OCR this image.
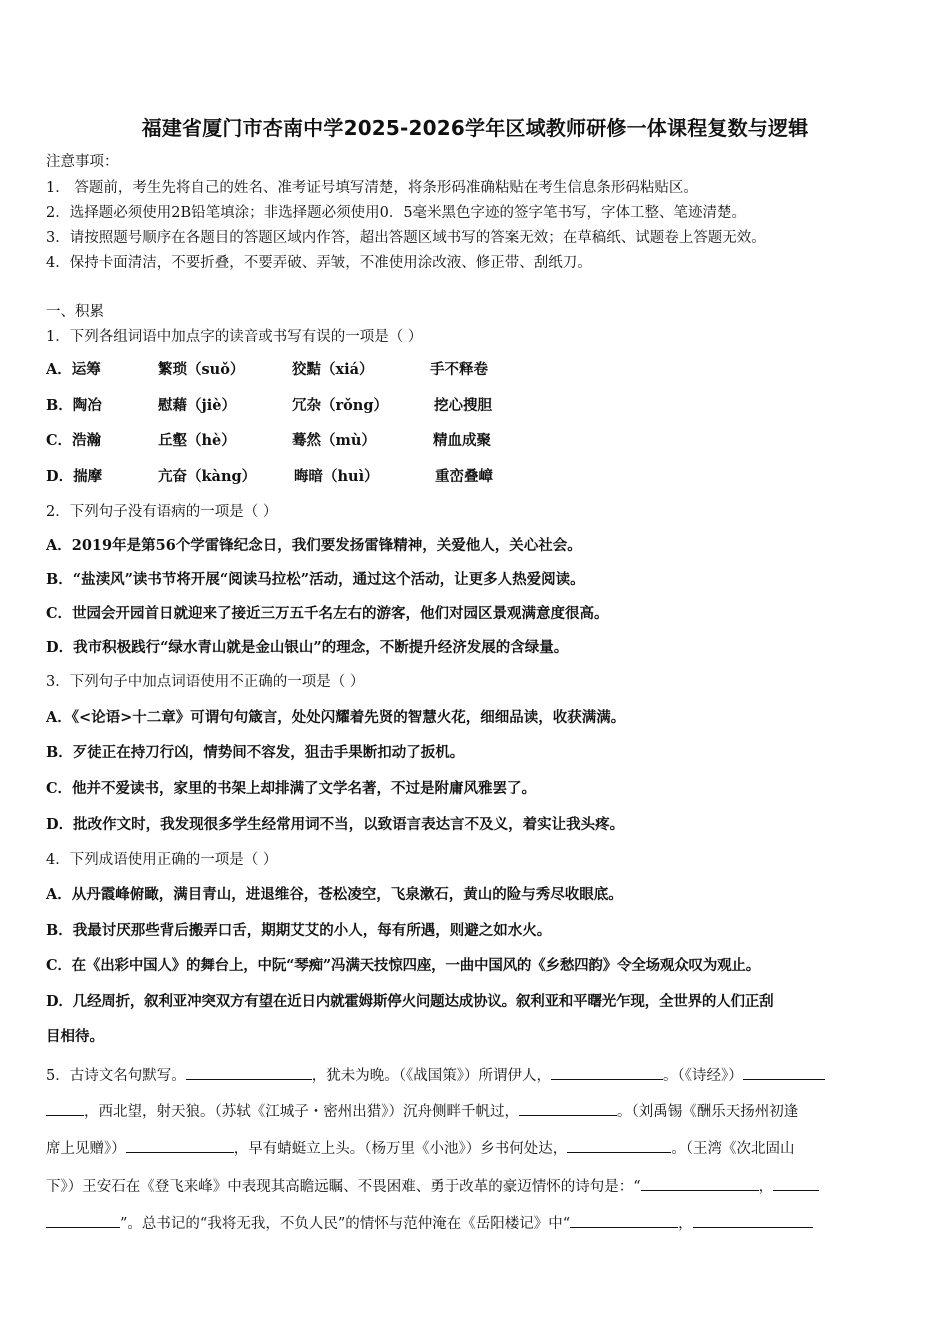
福建省厦门市杏南中学2025-2026学年区域教师研修一体课程复数与逻辑
注意事项：
1． 答题前，考生先将自己的姓名、准考证号填写清楚，将条形码准确粘贴在考生信息条形码粘贴区。
2．选择题必须使用2B铅笔填涂；非选择题必须使用0．5毫米黑色字迹的签字笔书写，字体工整、笔迹清楚。
3．请按照题号顺序在各题目的答题区域内作答，超出答题区域书写的答案无效；在草稿纸、试题卷上答题无效。
4．保持卡面清洁，不要折叠，不要弄破、弄皱，不准使用涂改液、修正带、刮纸刀。
一、积累
1．下列各组词语中加点字的读音或书写有误的一项是（ ）
A．运筹	繁琐（suǒ）	狡黠（xiá）	手不释卷
B．陶冶	慰藉（jiè）	冗杂（rǒng）	挖心搜胆
C．浩瀚	丘壑（hè）	蓦然（mù）	精血成聚
D．揣摩	亢奋（kàng）	晦暗（huì）	重峦叠嶂
2．下列句子没有语病的一项是（ ）
A．2019年是第56个学雷锋纪念日，我们要发扬雷锋精神，关爱他人，关心社会。
B．“盐渎风”读书节将开展“阅读马拉松”活动，通过这个活动，让更多人热爱阅读。
C．世园会开园首日就迎来了接近三万五千名左右的游客，他们对园区景观满意度很高。
D．我市积极践行“绿水青山就是金山银山”的理念，不断提升经济发展的含绿量。
3．下列句子中加点词语使用不正确的一项是（ ）
A．《<论语>十二章》可谓句句箴言，处处闪耀着先贤的智慧火花，细细品读，收获满满。
B．歹徒正在持刀行凶，情势间不容发，狙击手果断扣动了扳机。
C．他并不爱读书，家里的书架上却排满了文学名著，不过是附庸风雅罢了。
D．批改作文时，我发现很多学生经常用词不当，以致语言表达言不及义，着实让我头疼。
4．下列成语使用正确的一项是（ ）
A．从丹霞峰俯瞰，满目青山，进退维谷，苍松凌空，飞泉漱石，黄山的险与秀尽收眼底。
B．我最讨厌那些背后搬弄口舌，期期艾艾的小人，每有所遇，则避之如水火。
C．在《出彩中国人》的舞台上，中阮“琴痴”冯满天技惊四座，一曲中国风的《乡愁四韵》令全场观众叹为观止。
D．几经周折，叙利亚冲突双方有望在近日内就霍姆斯停火问题达成协议。叙利亚和平曙光乍现，全世界的人们正刮
目相待。
5．古诗文名句默写。	，犹未为晚。（《战国策》）所谓伊人，	。（《诗经》）
，西北望，射天狼。（苏轼《江城子・密州出猎》）沉舟侧畔千帆过，	。（刘禹锡《酬乐天扬州初逢
席上见赠》）	，早有蜻蜓立上头。（杨万里《小池》）乡书何处达，	。（王湾《次北固山
下》）王安石在《登飞来峰》中表现其高瞻远瞩、不畏困难、勇于改革的豪迈情怀的诗句是：“	，
”。总书记的“我将无我，不负人民”的情怀与范仲淹在《岳阳楼记》中“	，
